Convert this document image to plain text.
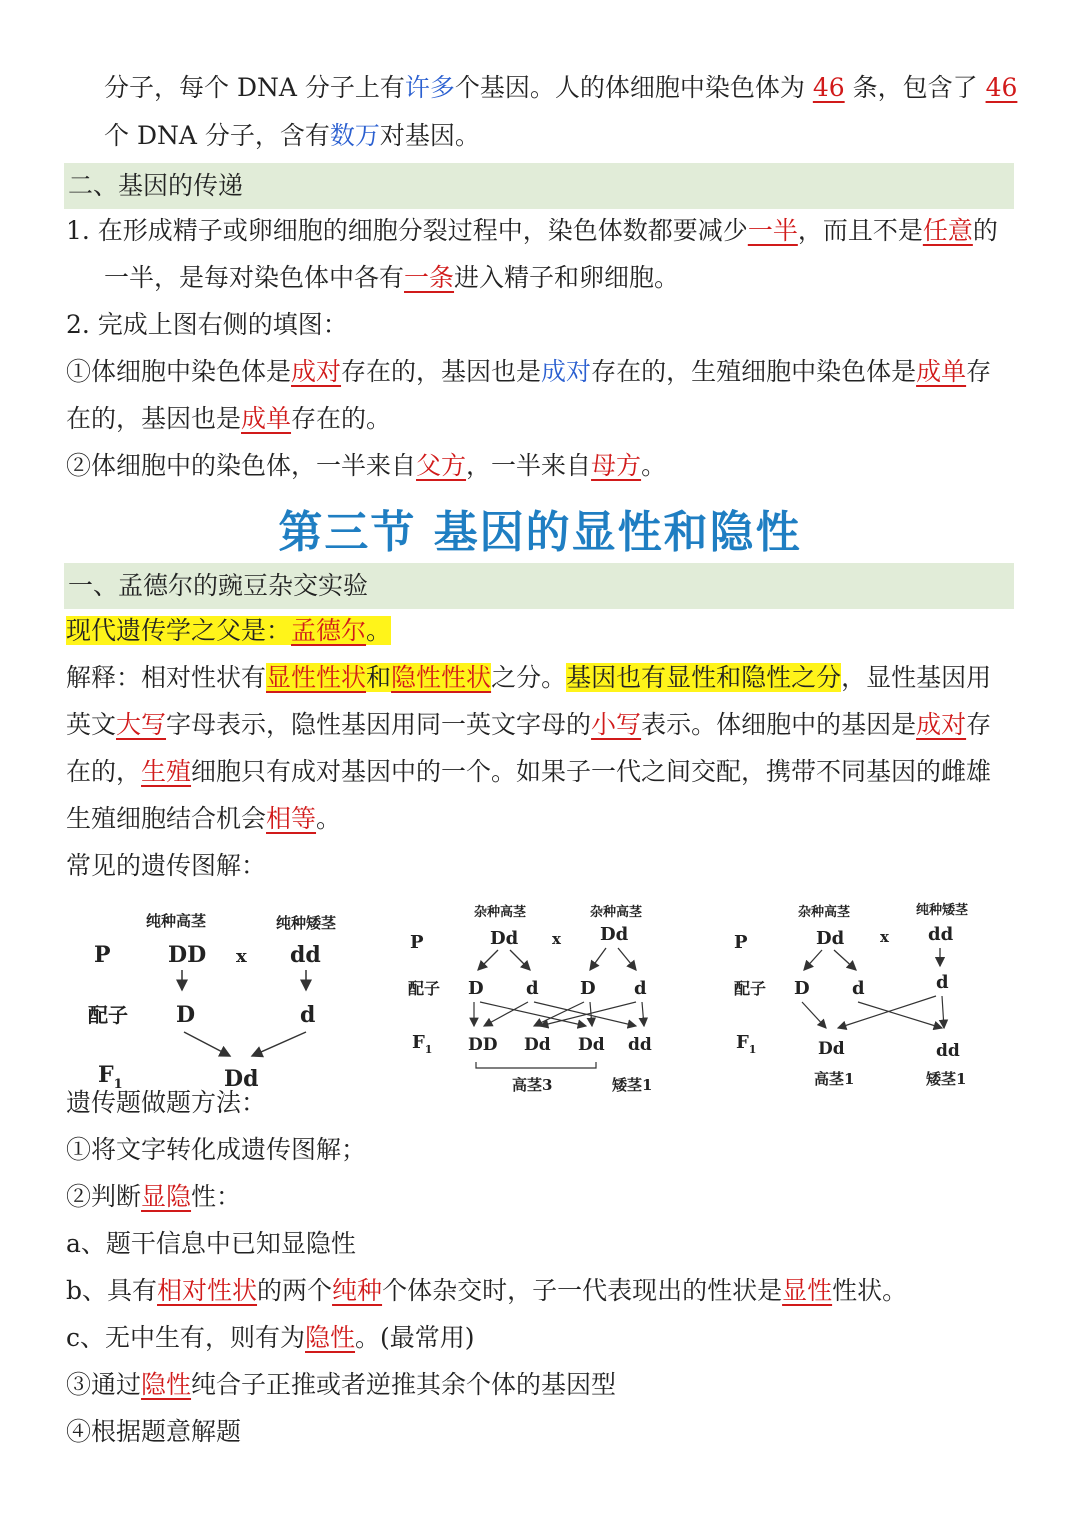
分子，每个 DNA 分子上有许多个基因。人的体细胞中染色体为 46 条，包含了 46
个 DNA 分子，含有数万对基因。
二、基因的传递
1. 在形成精子或卵细胞的细胞分裂过程中，染色体数都要减少一半，而且不是任意的
一半，是每对染色体中各有一条进入精子和卵细胞。
2. 完成上图右侧的填图：
①体细胞中染色体是成对存在的，基因也是成对存在的，生殖细胞中染色体是成单存
在的，基因也是成单存在的。
②体细胞中的染色体，一半来自父方，一半来自母方。
第三节 基因的显性和隐性
一、孟德尔的豌豆杂交实验
现代遗传学之父是：孟德尔。
解释：相对性状有显性性状和隐性性状之分。基因也有显性和隐性之分，显性基因用
英文大写字母表示，隐性基因用同一英文字母的小写表示。体细胞中的基因是成对存
在的，生殖细胞只有成对基因中的一个。如果子一代之间交配，携带不同基因的雌雄
生殖细胞结合机会相等。
常见的遗传图解：
纯种高茎	纯种矮茎
P	DD x dd
配子 D	d
$F_1$	Dd
杂种高茎	杂种高茎
P	Dd x Dd
配子 D d D d
$F_1$ DD Dd Dd dd
高茎3	矮茎1
杂种高茎	纯种矮茎
P	Dd x dd
配子 D d	d
$F_1$	Dd	dd
高茎1	矮茎1
遗传题做题方法：
①将文字转化成遗传图解；
②判断显隐性：
a、题干信息中已知显隐性
b、具有相对性状的两个纯种个体杂交时，子一代表现出的性状是显性性状。
c、无中生有，则有为隐性。(最常用)
③通过隐性纯合子正推或者逆推其余个体的基因型
④根据题意解题
